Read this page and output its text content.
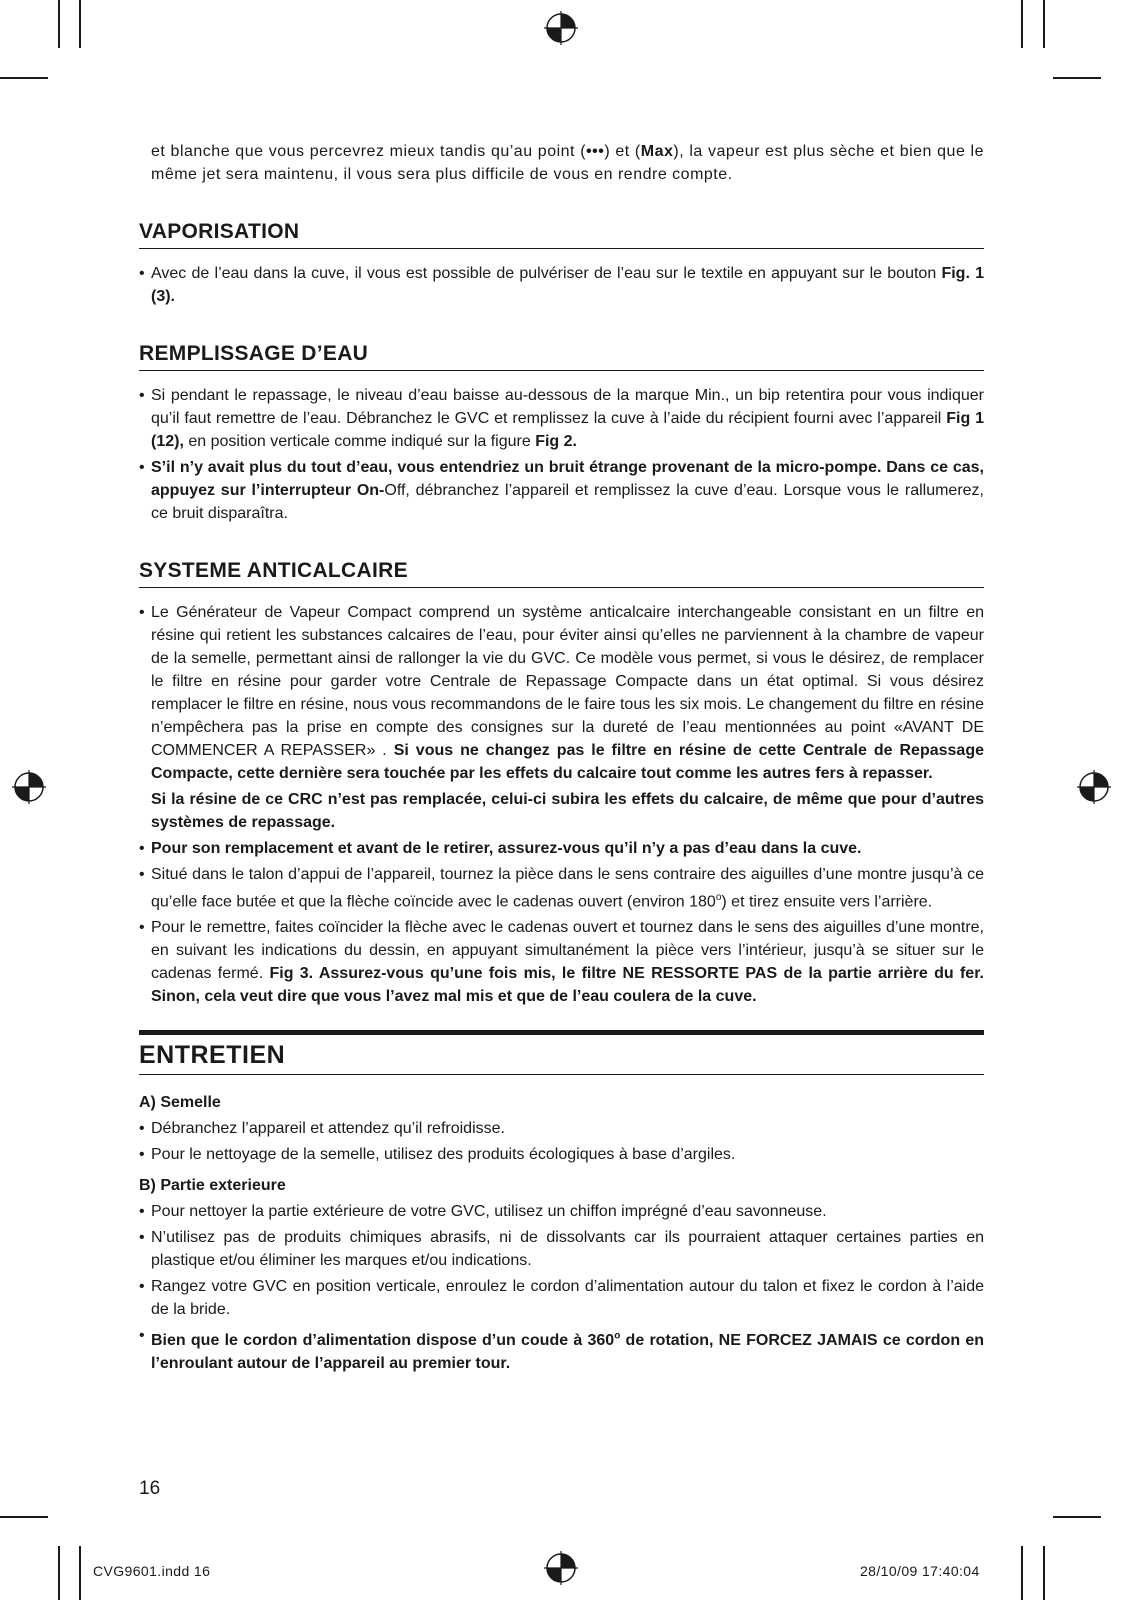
et blanche que vous percevrez mieux tandis qu’au point (•••) et (Max), la vapeur est plus sèche et bien que le même jet sera maintenu, il vous sera plus difficile de vous en rendre compte.

VAPORISATION
• Avec de l’eau dans la cuve, il vous est possible de pulvériser de l’eau sur le textile en appuyant sur le bouton Fig. 1 (3).
REMPLISSAGE D’EAU
• Si pendant le repassage, le niveau d’eau baisse au-dessous de la marque Min., un bip retentira pour vous indiquer qu’il faut remettre de l’eau. Débranchez le GVC et remplissez la cuve à l’aide du récipient fourni avec l’appareil Fig 1 (12), en position verticale comme indiqué sur la figure Fig 2.
• S’il n’y avait plus du tout d’eau, vous entendriez un bruit étrange provenant de la micro-pompe. Dans ce cas, appuyez sur l’interrupteur On-Off, débranchez l’appareil et remplissez la cuve d’eau. Lorsque vous le rallumerez, ce bruit disparaîtra.
SYSTEME ANTICALCAIRE
• Le Générateur de Vapeur Compact comprend un système anticalcaire interchangeable consistant en un filtre en résine qui retient les substances calcaires de l’eau, pour éviter ainsi qu’elles ne parviennent à la chambre de vapeur de la semelle, permettant ainsi de rallonger la vie du GVC. Ce modèle vous permet, si vous le désirez, de remplacer le filtre en résine pour garder votre Centrale de Repassage Compacte dans un état optimal. Si vous désirez remplacer le filtre en résine, nous vous recommandons de le faire tous les six mois. Le changement du filtre en résine n’empêchera pas la prise en compte des consignes sur la dureté de l’eau mentionnées au point «AVANT DE COMMENCER A REPASSER» . Si vous ne changez pas le filtre en résine de cette Centrale de Repassage Compacte, cette dernière sera touchée par les effets du calcaire tout comme les autres fers à repasser.

Si la résine de ce CRC n’est pas remplacée, celui-ci subira les effets du calcaire, de même que pour d’autres systèmes de repassage.

• Pour son remplacement et avant de le retirer, assurez-vous qu’il n’y a pas d’eau dans la cuve.
• Situé dans le talon d’appui de l’appareil, tournez la pièce dans le sens contraire des aiguilles d’une montre jusqu’à ce qu’elle face butée et que la flèche coïncide avec le cadenas ouvert (environ 180$^o$) et tirez ensuite vers l’arrière.
• Pour le remettre, faites coïncider la flèche avec le cadenas ouvert et tournez dans le sens des aiguilles d’une montre, en suivant les indications du dessin, en appuyant simultanément la pièce vers l’intérieur, jusqu’à se situer sur le cadenas fermé. Fig 3. Assurez-vous qu’une fois mis, le filtre NE RESSORTE PAS de la partie arrière du fer. Sinon, cela veut dire que vous l’avez mal mis et que de l’eau coulera de la cuve.
ENTRETIEN
A) Semelle
• Débranchez l’appareil et attendez qu’il refroidisse.
• Pour le nettoyage de la semelle, utilisez des produits écologiques à base d’argiles.
B) Partie exterieure
• Pour nettoyer la partie extérieure de votre GVC, utilisez un chiffon imprégné d’eau savonneuse.
• N’utilisez pas de produits chimiques abrasifs, ni de dissolvants car ils pourraient attaquer certaines parties en plastique et/ou éliminer les marques et/ou indications.
• Rangez votre GVC en position verticale, enroulez le cordon d’alimentation autour du talon et fixez le cordon à l’aide de la bride.
• Bien que le cordon d’alimentation dispose d’un coude à 360$^o$ de rotation, NE FORCEZ JAMAIS ce cordon en l’enroulant autour de l’appareil au premier tour.
16
CVG9601.indd 16	28/10/09 17:40:04
